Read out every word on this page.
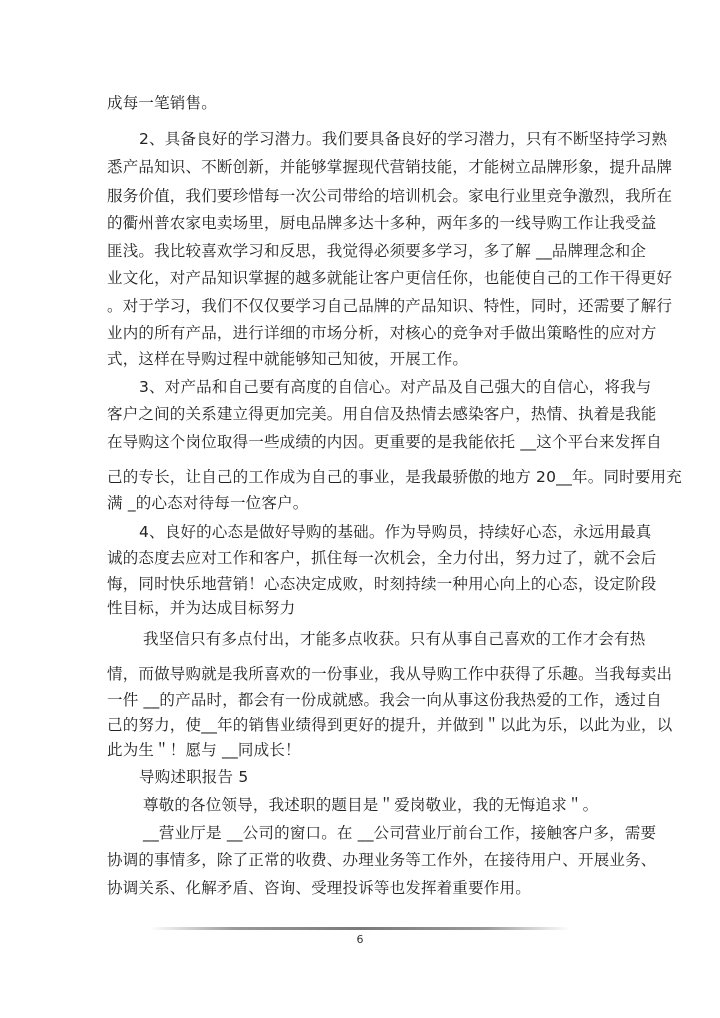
成每一笔销售。
2、具备良好的学习潜力。我们要具备良好的学习潜力，只有不断坚持学习熟
悉产品知识、不断创新，并能够掌握现代营销技能，才能树立品牌形象，提升品牌
服务价值，我们要珍惜每一次公司带给的培训机会。家电行业里竞争激烈，我所在
的衢州普农家电卖场里，厨电品牌多达十多种，两年多的一线导购工作让我受益
匪浅。我比较喜欢学习和反思，我觉得必须要多学习，多了解 __品牌理念和企
业文化，对产品知识掌握的越多就能让客户更信任你，也能使自己的工作干得更好
。对于学习，我们不仅仅要学习自己品牌的产品知识、特性，同时，还需要了解行
业内的所有产品，进行详细的市场分析，对核心的竞争对手做出策略性的应对方
式，这样在导购过程中就能够知己知彼，开展工作。
3、对产品和自己要有高度的自信心。对产品及自己强大的自信心，将我与
客户之间的关系建立得更加完美。用自信及热情去感染客户，热情、执着是我能
在导购这个岗位取得一些成绩的内因。更重要的是我能依托 __这个平台来发挥自
己的专长，让自己的工作成为自己的事业，是我最骄傲的地方 20__年。同时要用充
满 _的心态对待每一位客户。
4、良好的心态是做好导购的基础。作为导购员，持续好心态，永远用最真
诚的态度去应对工作和客户，抓住每一次机会，全力付出，努力过了，就不会后
悔，同时快乐地营销！心态决定成败，时刻持续一种用心向上的心态，设定阶段
性目标，并为达成目标努力
我坚信只有多点付出，才能多点收获。只有从事自己喜欢的工作才会有热
情，而做导购就是我所喜欢的一份事业，我从导购工作中获得了乐趣。当我每卖出
一件 __的产品时，都会有一份成就感。我会一向从事这份我热爱的工作，透过自
己的努力，使__年的销售业绩得到更好的提升，并做到＂以此为乐，以此为业，以
此为生＂！愿与 __同成长！
导购述职报告 5
尊敬的各位领导，我述职的题目是＂爱岗敬业，我的无悔追求＂。
__营业厅是 __公司的窗口。在 __公司营业厅前台工作，接触客户多，需要
协调的事情多，除了正常的收费、办理业务等工作外，在接待用户、开展业务、
协调关系、化解矛盾、咨询、受理投诉等也发挥着重要作用。
6
